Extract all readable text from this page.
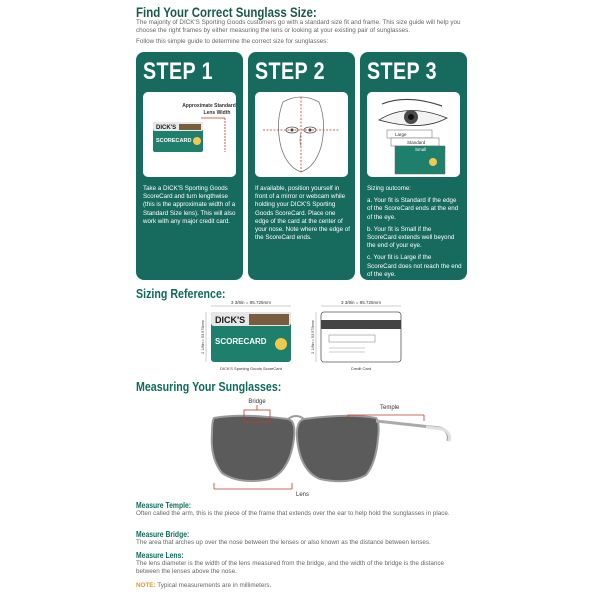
Find Your Correct Sunglass Size:
The majority of DICK'S Sporting Goods customers go with a standard size fit and frame. This size guide will help you choose the right frames by either measuring the lens or looking at your existing pair of sunglasses.
Follow this simple guide to determine the correct size for sunglasses:
STEP 1
Approximate Standard
Lens Width
DICK'S
SCORECARD
Take a DICK'S Sporting Goods ScoreCard and turn lengthwise (this is the approximate width of a Standard Size lens). This will also work with any major credit card.
STEP 2
If available, position yourself in front of a mirror or webcam while holding your DICK'S Sporting Goods ScoreCard. Place one edge of the card at the center of your nose. Note where the edge of the ScoreCard ends.
STEP 3
Large
Standard
Small

Sizing outcome:

a. Your fit is Standard if the edge of the ScoreCard ends at the end of the eye.

b. Your fit is Small if the ScoreCard extends well beyond the end of your eye.

c. Your fit is Large if the ScoreCard does not reach the end of the eye.

Sizing Reference:
3 3/8in = 85.725mm
2 1/8in = 53.975mm
DICK'S
SCORECARD
DICK'S Sporting Goods ScoreCard
3 3/8in = 85.725mm
2 1/8in = 53.975mm
Credit Card
Measuring Your Sunglasses:
Bridge
Temple
Lens
Measure Temple:
Often called the arm, this is the piece of the frame that extends over the ear to help hold the sunglasses in place.
Measure Bridge:
The area that arches up over the nose between the lenses or also known as the distance between lenses.
Measure Lens:
The lens diameter is the width of the lens measured from the bridge, and the width of the bridge is the distance between the lenses above the nose.
NOTE: Typical measurements are in millimeters.
